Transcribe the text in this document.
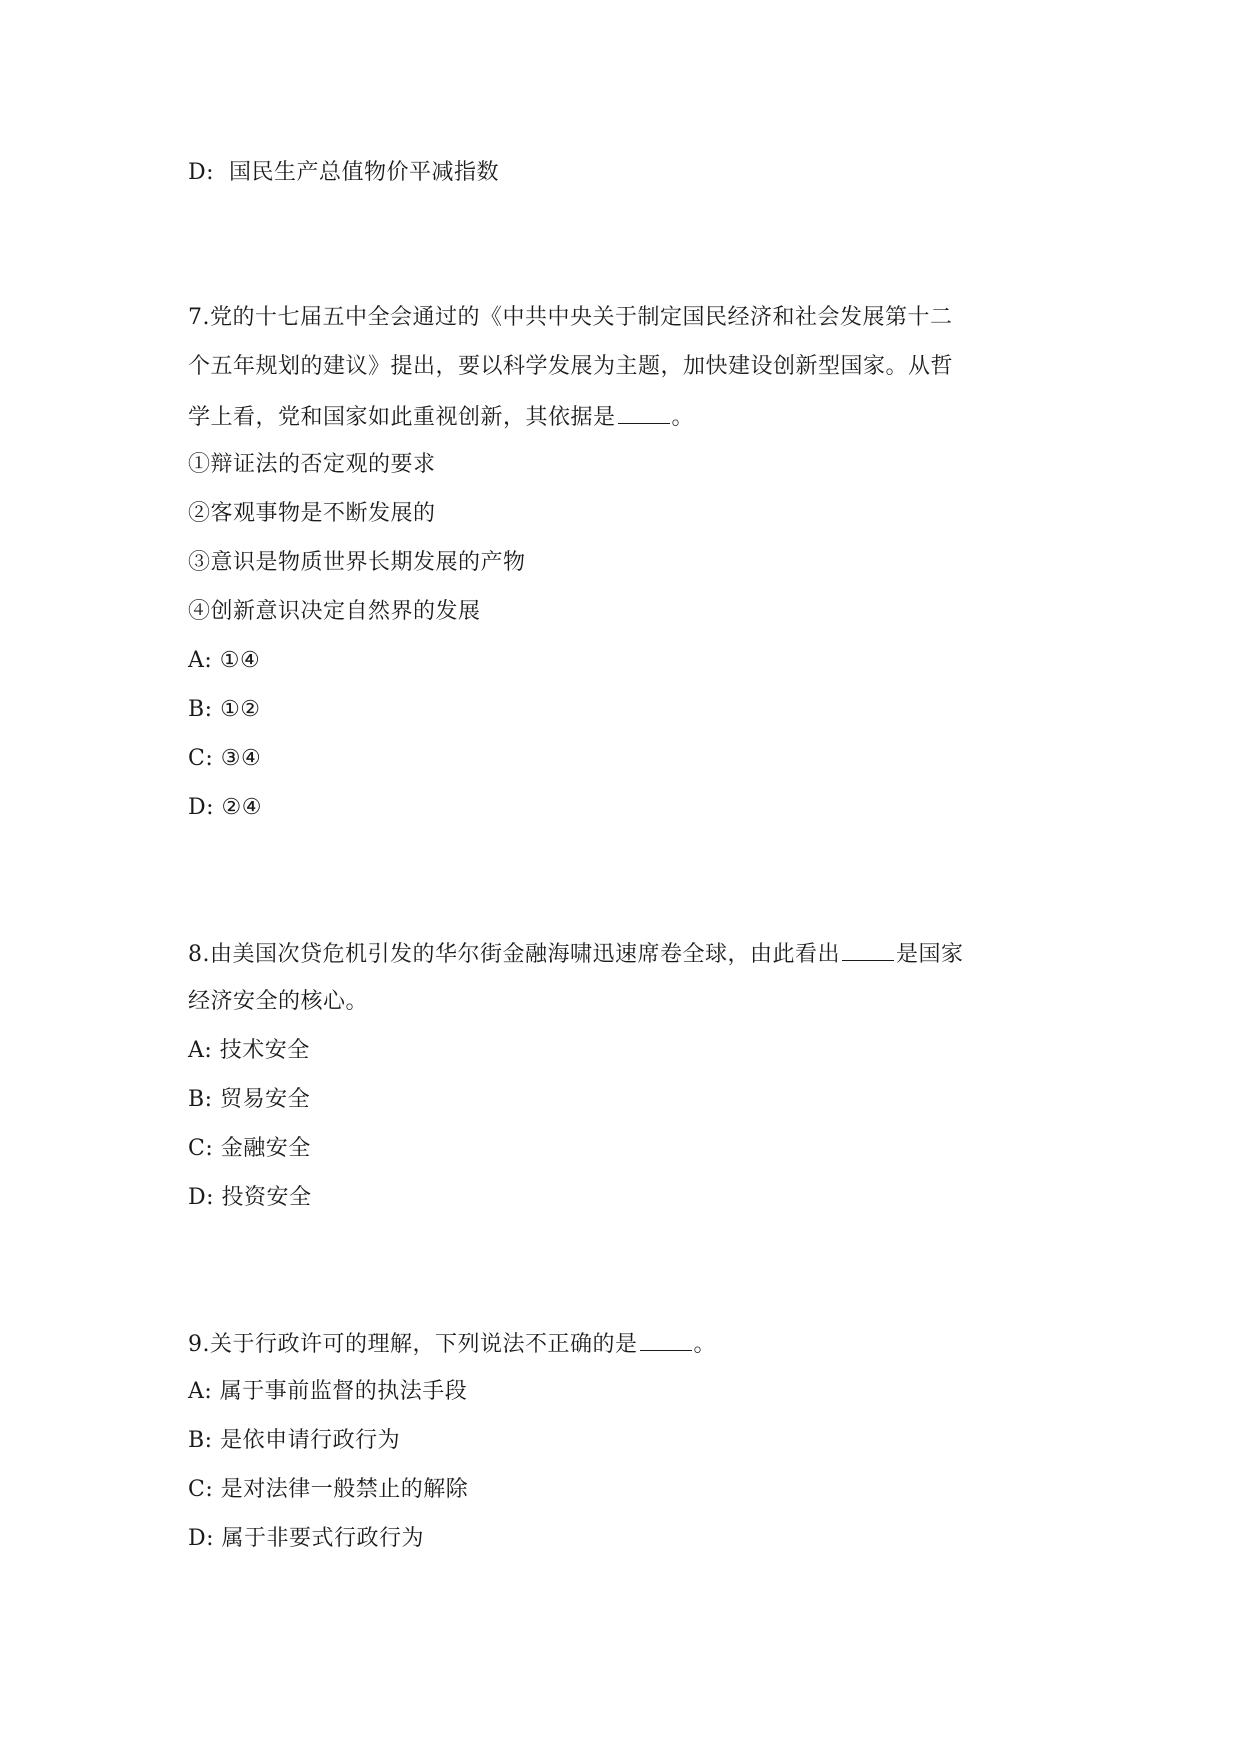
D:  国民生产总值物价平减指数
7.党的十七届五中全会通过的《中共中央关于制定国民经济和社会发展第十二
个五年规划的建议》提出，要以科学发展为主题，加快建设创新型国家。从哲
学上看，党和国家如此重视创新，其依据是	。
①辩证法的否定观的要求
②客观事物是不断发展的
③意识是物质世界长期发展的产物
④创新意识决定自然界的发展
A: ①④
B: ①②
C: ③④
D: ②④
8.由美国次贷危机引发的华尔街金融海啸迅速席卷全球，由此看出	是国家
经济安全的核心。
A: 技术安全
B: 贸易安全
C: 金融安全
D: 投资安全
9.关于行政许可的理解，下列说法不正确的是	。
A: 属于事前监督的执法手段
B: 是依申请行政行为
C: 是对法律一般禁止的解除
D: 属于非要式行政行为
